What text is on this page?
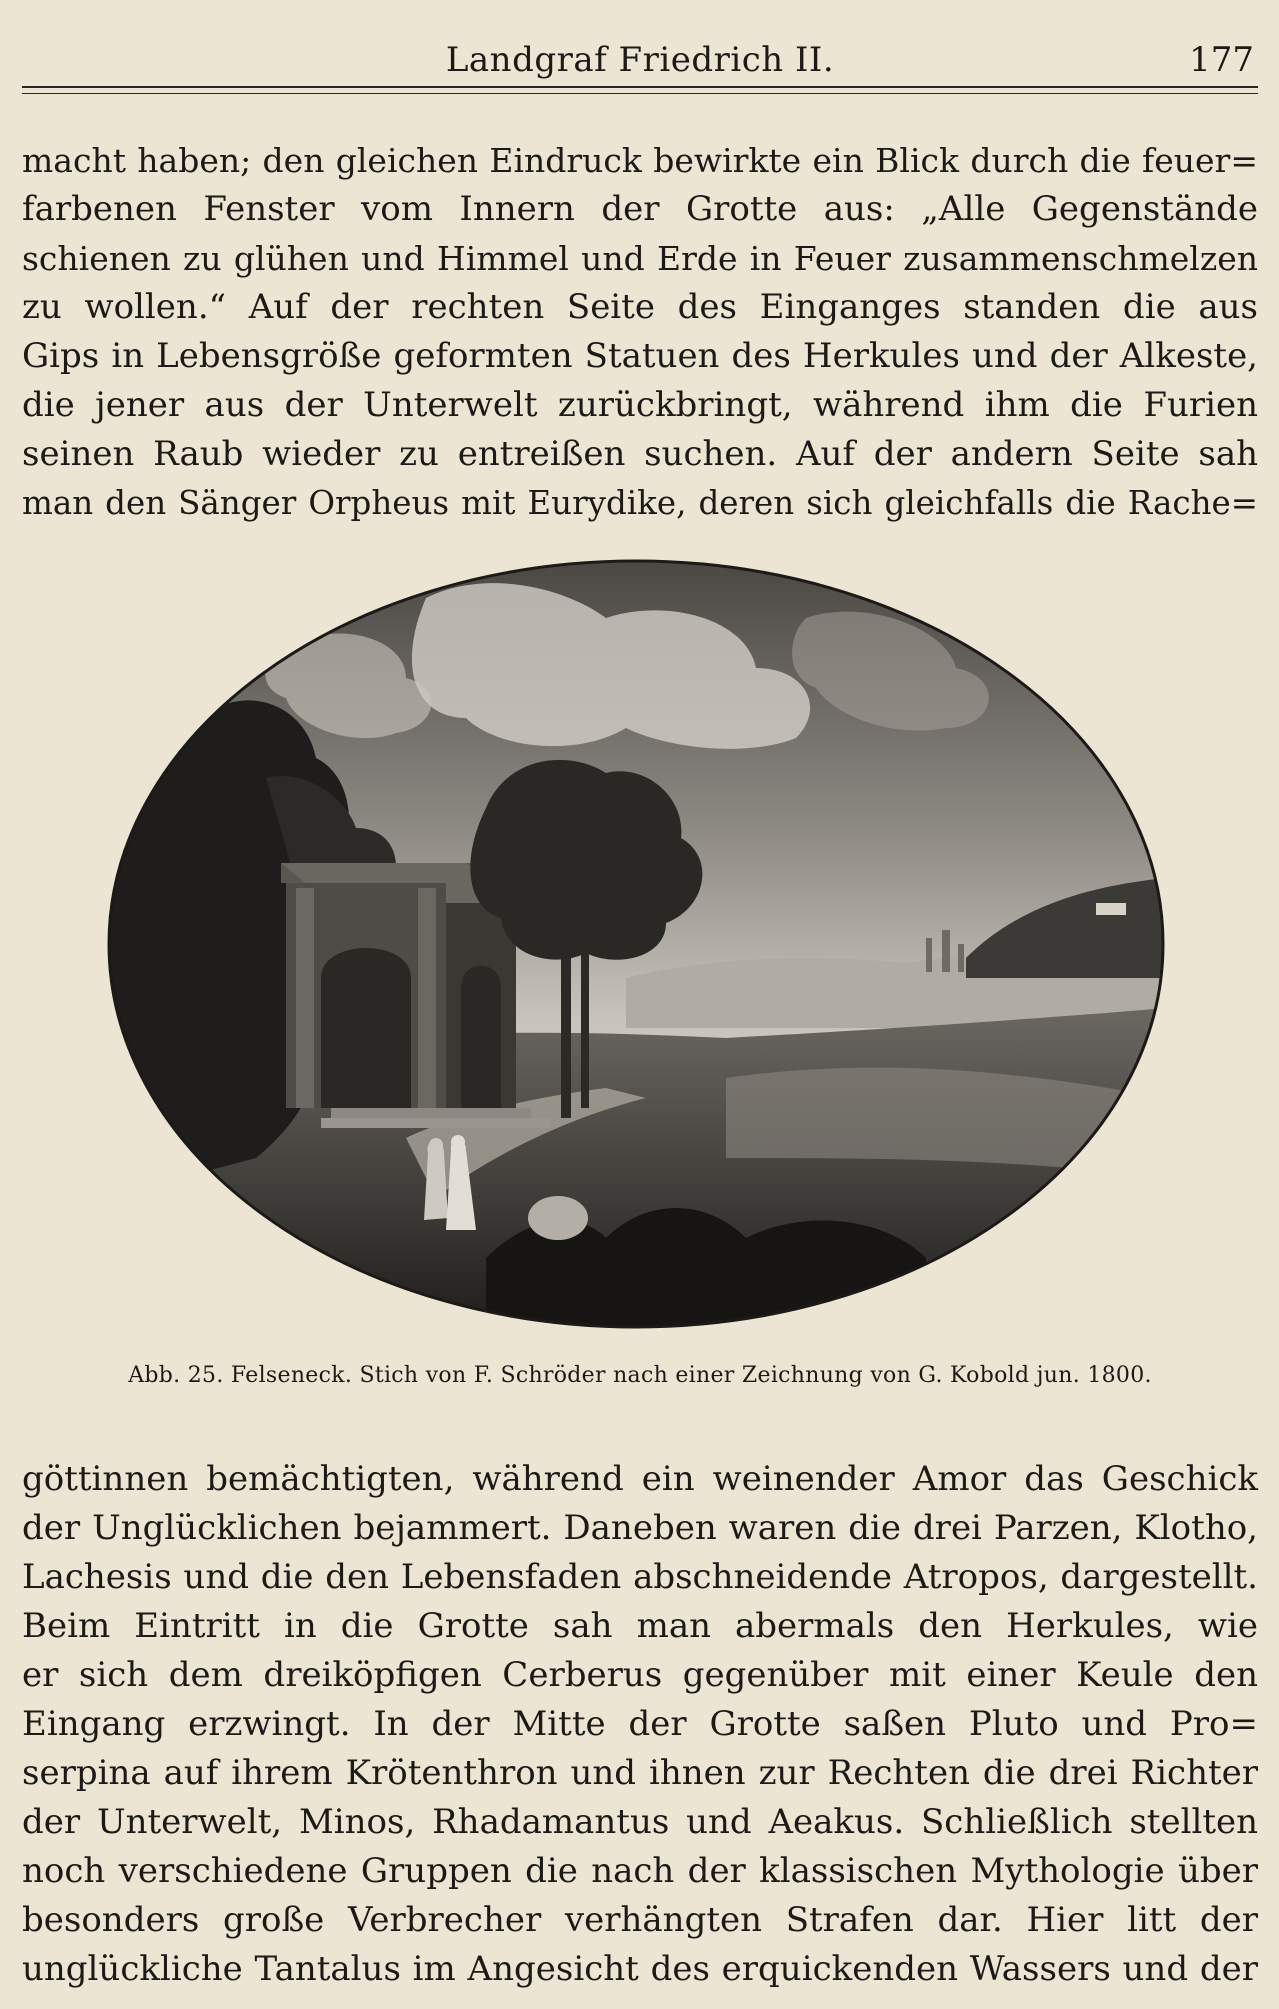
Landgraf Friedrich II.	177
macht haben; den gleichen Eindruck bewirkte ein Blick durch die feuer=
farbenen Fenster vom Innern der Grotte aus: „Alle Gegenstände
schienen zu glühen und Himmel und Erde in Feuer zusammenschmelzen
zu wollen.“ Auf der rechten Seite des Einganges standen die aus
Gips in Lebensgröße geformten Statuen des Herkules und der Alkeste,
die jener aus der Unterwelt zurückbringt, während ihm die Furien
seinen Raub wieder zu entreißen suchen. Auf der andern Seite sah
man den Sänger Orpheus mit Eurydike, deren sich gleichfalls die Rache=
Abb. 25. Felseneck. Stich von F. Schröder nach einer Zeichnung von G. Kobold jun. 1800.
göttinnen bemächtigten, während ein weinender Amor das Geschick
der Unglücklichen bejammert. Daneben waren die drei Parzen, Klotho,
Lachesis und die den Lebensfaden abschneidende Atropos, dargestellt.
Beim Eintritt in die Grotte sah man abermals den Herkules, wie
er sich dem dreiköpfigen Cerberus gegenüber mit einer Keule den
Eingang erzwingt. In der Mitte der Grotte saßen Pluto und Pro=
serpina auf ihrem Krötenthron und ihnen zur Rechten die drei Richter
der Unterwelt, Minos, Rhadamantus und Aeakus. Schließlich stellten
noch verschiedene Gruppen die nach der klassischen Mythologie über
besonders große Verbrecher verhängten Strafen dar. Hier litt der
unglückliche Tantalus im Angesicht des erquickenden Wassers und der
